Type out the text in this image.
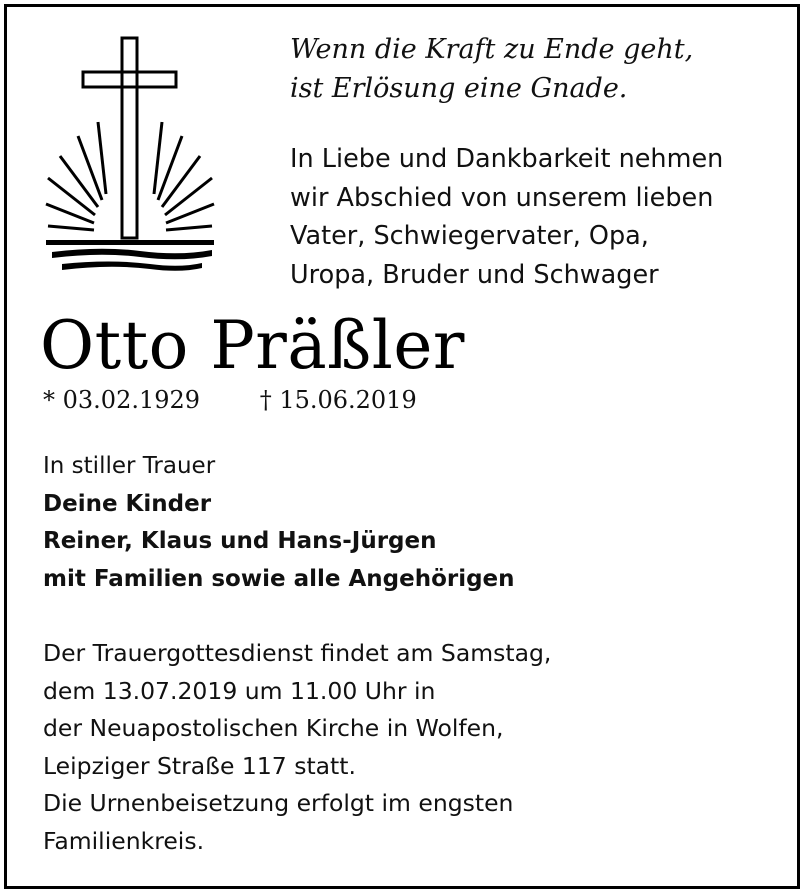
Wenn die Kraft zu Ende geht,
ist Erlösung eine Gnade.
In Liebe und Dankbarkeit nehmen
wir Abschied von unserem lieben
Vater, Schwiegervater, Opa,
Uropa, Bruder und Schwager
Otto Präßler
* 03.02.1929 † 15.06.2019
In stiller Trauer
Deine Kinder
Reiner, Klaus und Hans-Jürgen
mit Familien sowie alle Angehörigen
Der Trauergottesdienst findet am Samstag,
dem 13.07.2019 um 11.00 Uhr in
der Neuapostolischen Kirche in Wolfen,
Leipziger Straße 117 statt.
Die Urnenbeisetzung erfolgt im engsten
Familienkreis.
